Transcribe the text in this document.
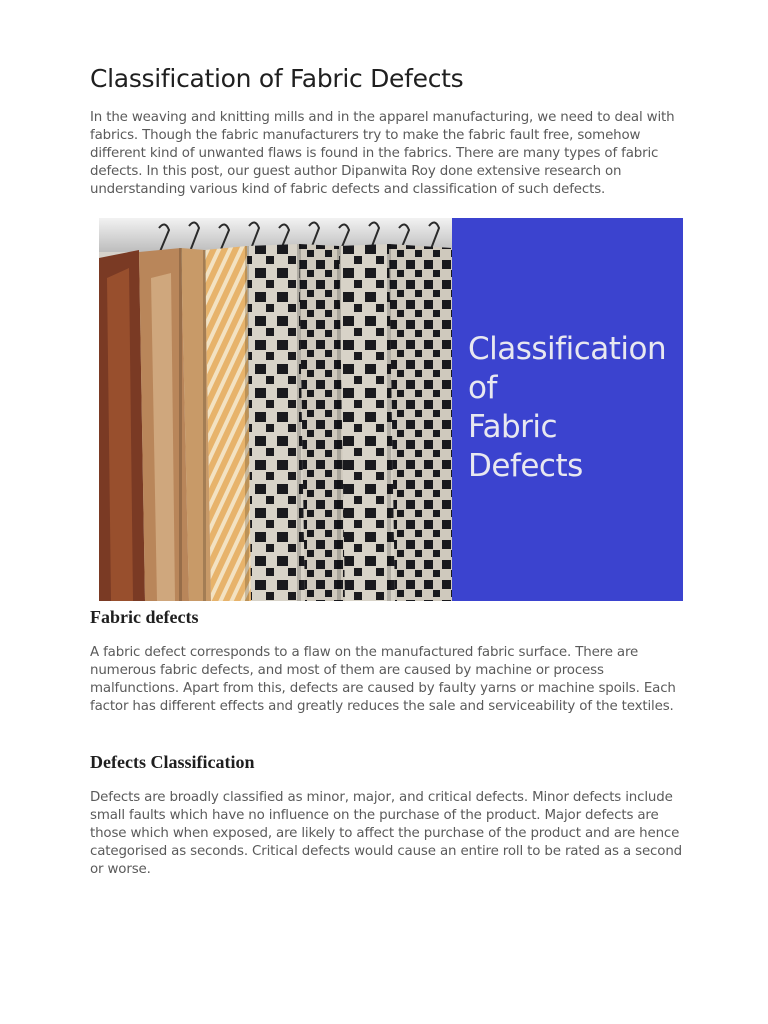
Classification of Fabric Defects

In the weaving and knitting mills and in the apparel manufacturing, we need to deal with fabrics. Though the fabric manufacturers try to make the fabric fault free, somehow different kind of unwanted flaws is found in the fabrics. There are many types of fabric defects. In this post, our guest author Dipanwita Roy done extensive research on understanding various kind of fabric defects and classification of such defects.

Classification
of
Fabric
Defects

Fabric defects

A fabric defect corresponds to a flaw on the manufactured fabric surface. There are numerous fabric defects, and most of them are caused by machine or process malfunctions. Apart from this, defects are caused by faulty yarns or machine spoils. Each factor has different effects and greatly reduces the sale and serviceability of the textiles.

Defects Classification

Defects are broadly classified as minor, major, and critical defects. Minor defects include small faults which have no influence on the purchase of the product. Major defects are those which when exposed, are likely to affect the purchase of the product and are hence categorised as seconds. Critical defects would cause an entire roll to be rated as a second or worse.
